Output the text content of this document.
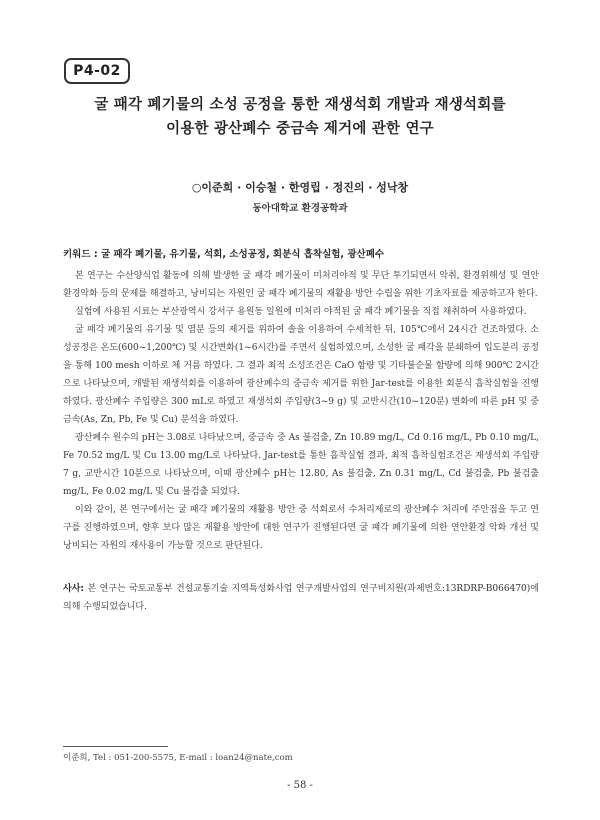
P4-02
굴 패각 폐기물의 소성 공정을 통한 재생석회 개발과 재생석회를
이용한 광산폐수 중금속 제거에 관한 연구
○이준희 · 이승철 · 한영립 · 정진의 · 성낙창
동아대학교 환경공학과
키워드 : 굴 패각 폐기물, 유기물, 석회, 소성공정, 회분식 흡착실험, 광산폐수

본 연구는 수산양식업 활동에 의해 발생한 굴 패각 폐기물이 미처리야적 및 무단 투기되면서 악취, 환경위해성 및 연안환경악화 등의 문제를 해결하고, 낭비되는 자원인 굴 패각 폐기물의 재활용 방안 수립을 위한 기초자료를 제공하고자 한다.

실험에 사용된 시료는 부산광역시 강서구 용원동 일원에 미처리 야적된 굴 패각 폐기물을 직접 채취하여 사용하였다.

굴 패각 폐기물의 유기물 및 염분 등의 제거를 위하여 솔을 이용하여 수세척한 뒤, 105℃에서 24시간 건조하였다. 소성공정은 온도(600~1,200℃) 및 시간변화(1~6시간)를 주면서 실험하였으며, 소성한 굴 패각을 분쇄하여 입도분리 공정을 통해 100 mesh 이하로 체 거름 하였다. 그 결과 최적 소성조건은 CaO 함량 및 기타불순물 함량에 의해 900℃ 2시간으로 나타났으며, 개발된 재생석회를 이용하여 광산폐수의 중금속 제거를 위한 Jar-test를 이용한 회분식 흡착실험을 진행하였다. 광산폐수 주입량은 300 mL로 하였고 재생석회 주입량(3~9 g) 및 교반시간(10~120분) 변화에 따른 pH 및 중금속(As, Zn, Pb, Fe 및 Cu) 분석을 하였다.

광산폐수 원수의 pH는 3.08로 나타났으며, 중금속 중 As 불검출, Zn 10.89 mg/L, Cd 0.16 mg/L, Pb 0.10 mg/L, Fe 70.52 mg/L 및 Cu 13.00 mg/L로 나타났다. Jar-test를 통한 흡착실험 결과, 최적 흡착실험조건은 재생석회 주입량 7 g, 교반시간 10분으로 나타났으며, 이때 광산폐수 pH는 12.80, As 불검출, Zn 0.31 mg/L, Cd 불검출, Pb 불검출 mg/L, Fe 0.02 mg/L 및 Cu 불검출 되었다.

이와 같이, 본 연구에서는 굴 패각 폐기물의 재활용 방안 중 석회로서 수처리제로의 광산폐수 처리에 주안점을 두고 연구를 진행하였으며, 향후 보다 많은 재활용 방안에 대한 연구가 진행된다면 굴 패각 폐기물에 의한 연안환경 악화 개선 및 낭비되는 자원의 재사용이 가능할 것으로 판단된다.

사사: 본 연구는 국토교통부 건설교통기술 지역특성화사업 연구개발사업의 연구비지원(과제번호:13RDRP-B066470)에 의해 수행되었습니다.
이준희, Tel : 051-200-5575, E-mail : loan24@nate,com
- 58 -
